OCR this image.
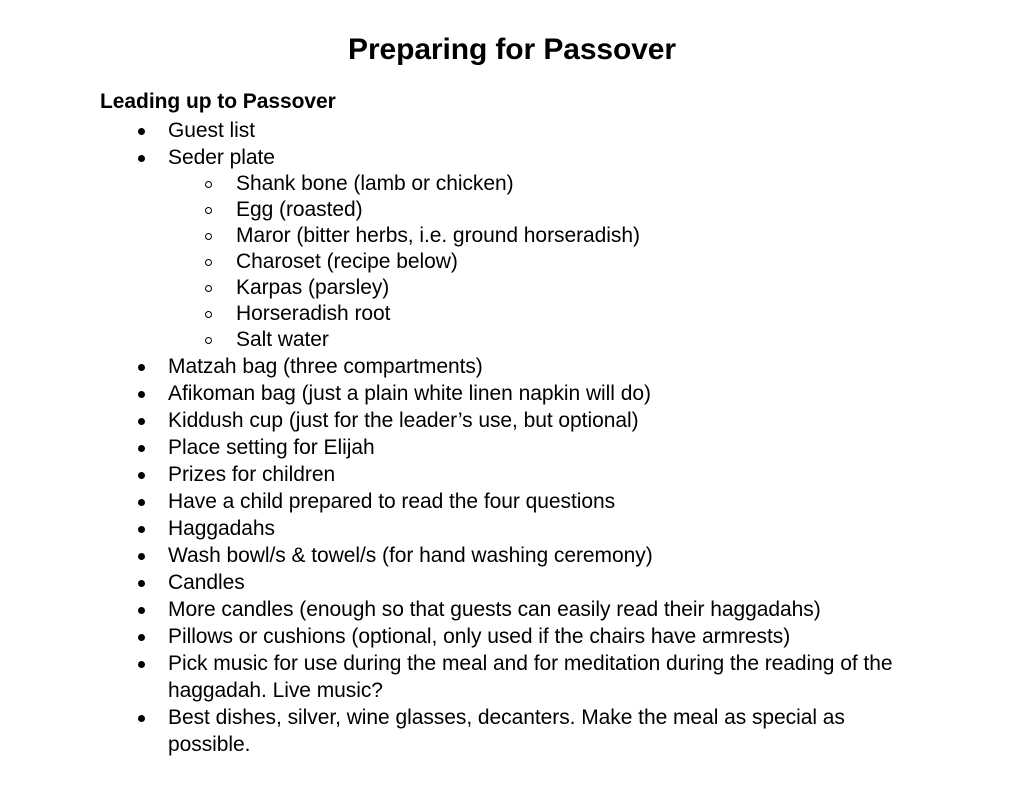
Preparing for Passover
Leading up to Passover
Guest list
Seder plate
Shank bone (lamb or chicken)
Egg (roasted)
Maror (bitter herbs, i.e. ground horseradish)
Charoset (recipe below)
Karpas (parsley)
Horseradish root
Salt water
Matzah bag (three compartments)
Afikoman bag (just a plain white linen napkin will do)
Kiddush cup (just for the leader’s use, but optional)
Place setting for Elijah
Prizes for children
Have a child prepared to read the four questions
Haggadahs
Wash bowl/s & towel/s (for hand washing ceremony)
Candles
More candles (enough so that guests can easily read their haggadahs)
Pillows or cushions (optional, only used if the chairs have armrests)
Pick music for use during the meal and for meditation during the reading of the haggadah. Live music?
Best dishes, silver, wine glasses, decanters. Make the meal as special as possible.
